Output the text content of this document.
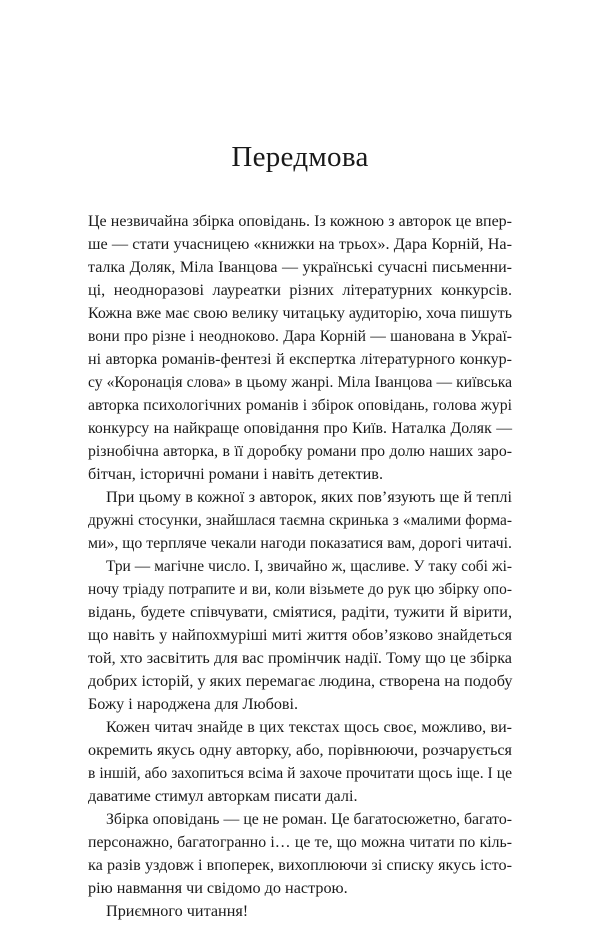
Передмова
Це незвичайна збірка оповідань. Із кожною з авторок це впер-
ше — стати учасницею «книжки на трьох». Дара Корній, На-
талка Доляк, Міла Іванцова — українські сучасні письменни-
ці, неодноразові лауреатки різних літературних конкурсів.
Кожна вже має свою велику читацьку аудиторію, хоча пишуть
вони про різне і неодноково. Дара Корній — шанована в Украї-
ні авторка романів-фентезі й експертка літературного конкур-
су «Коронація слова» в цьому жанрі. Міла Іванцова — київська
авторка психологічних романів і збірок оповідань, голова журі
конкурсу на найкраще оповідання про Київ. Наталка Доляк —
різнобічна авторка, в її доробку романи про долю наших заро-
бітчан, історичні романи і навіть детектив.
При цьому в кожної з авторок, яких пов’язують ще й теплі
дружні стосунки, знайшлася таємна скринька з «малими форма-
ми», що терпляче чекали нагоди показатися вам, дорогі читачі.
Три — магічне число. І, звичайно ж, щасливе. У таку собі жі-
ночу тріаду потрапите и ви, коли візьмете до рук цю збірку опо-
відань, будете співчувати, сміятися, радіти, тужити й вірити,
що навіть у найпохмуріші миті життя обов’язково знайдеться
той, хто засвітить для вас промінчик надії. Тому що це збірка
добрих історій, у яких перемагає людина, створена на подобу
Божу і народжена для Любові.
Кожен читач знайде в цих текстах щось своє, можливо, ви-
окремить якусь одну авторку, або, порівнюючи, розчарується
в іншій, або захопиться всіма й захоче прочитати щось іще. І це
даватиме стимул авторкам писати далі.
Збірка оповідань — це не роман. Це багатосюжетно, багато-
персонажно, багатогранно і… це те, що можна читати по кіль-
ка разів уздовж і впоперек, вихоплюючи зі списку якусь істо-
рію навмання чи свідомо до настрою.
Приємного читання!
